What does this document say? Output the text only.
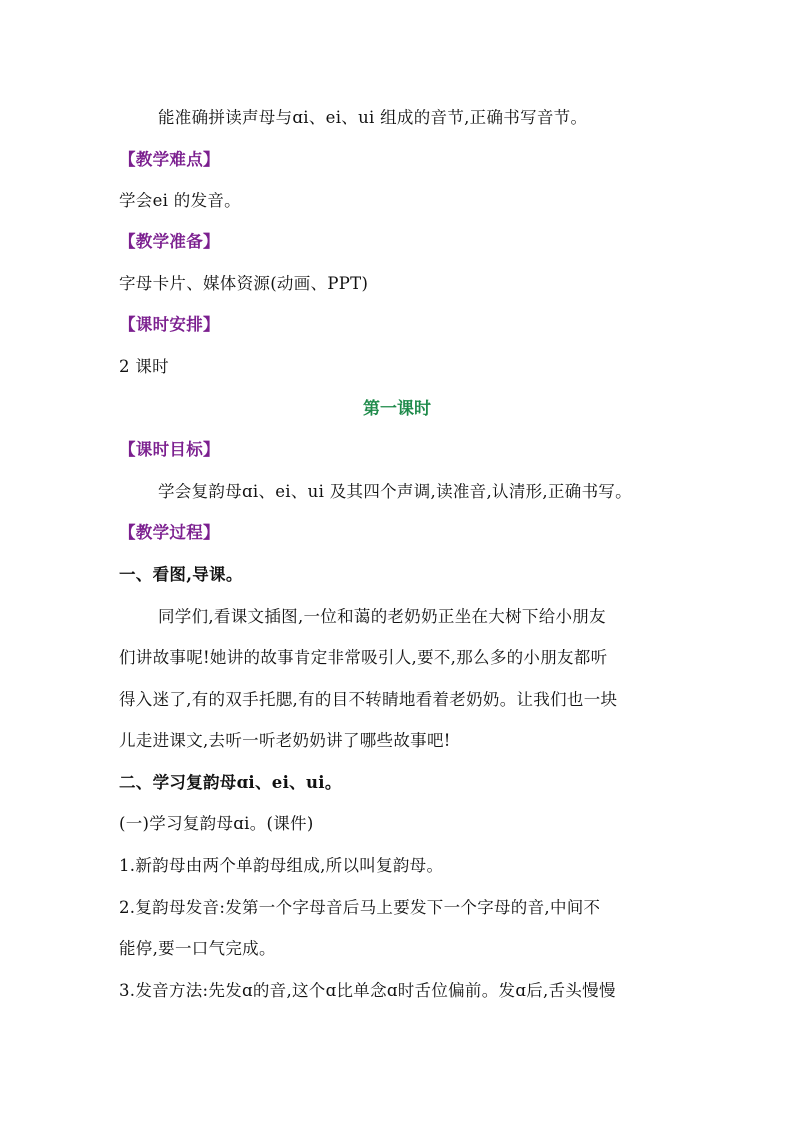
能准确拼读声母与ɑi、ei、ui 组成的音节,正确书写音节。
【教学难点】
学会ei 的发音。
【教学准备】
字母卡片、媒体资源(动画、PPT)
【课时安排】
2 课时
第一课时
【课时目标】
学会复韵母ɑi、ei、ui 及其四个声调,读准音,认清形,正确书写。
【教学过程】
一、看图,导课。
同学们,看课文插图,一位和蔼的老奶奶正坐在大树下给小朋友
们讲故事呢!她讲的故事肯定非常吸引人,要不,那么多的小朋友都听
得入迷了,有的双手托腮,有的目不转睛地看着老奶奶。让我们也一块
儿走进课文,去听一听老奶奶讲了哪些故事吧!
二、学习复韵母ɑi、ei、ui。
(一)学习复韵母ɑi。(课件)
1.新韵母由两个单韵母组成,所以叫复韵母。
2.复韵母发音:发第一个字母音后马上要发下一个字母的音,中间不
能停,要一口气完成。
3.发音方法:先发ɑ的音,这个ɑ比单念ɑ时舌位偏前。发ɑ后,舌头慢慢
